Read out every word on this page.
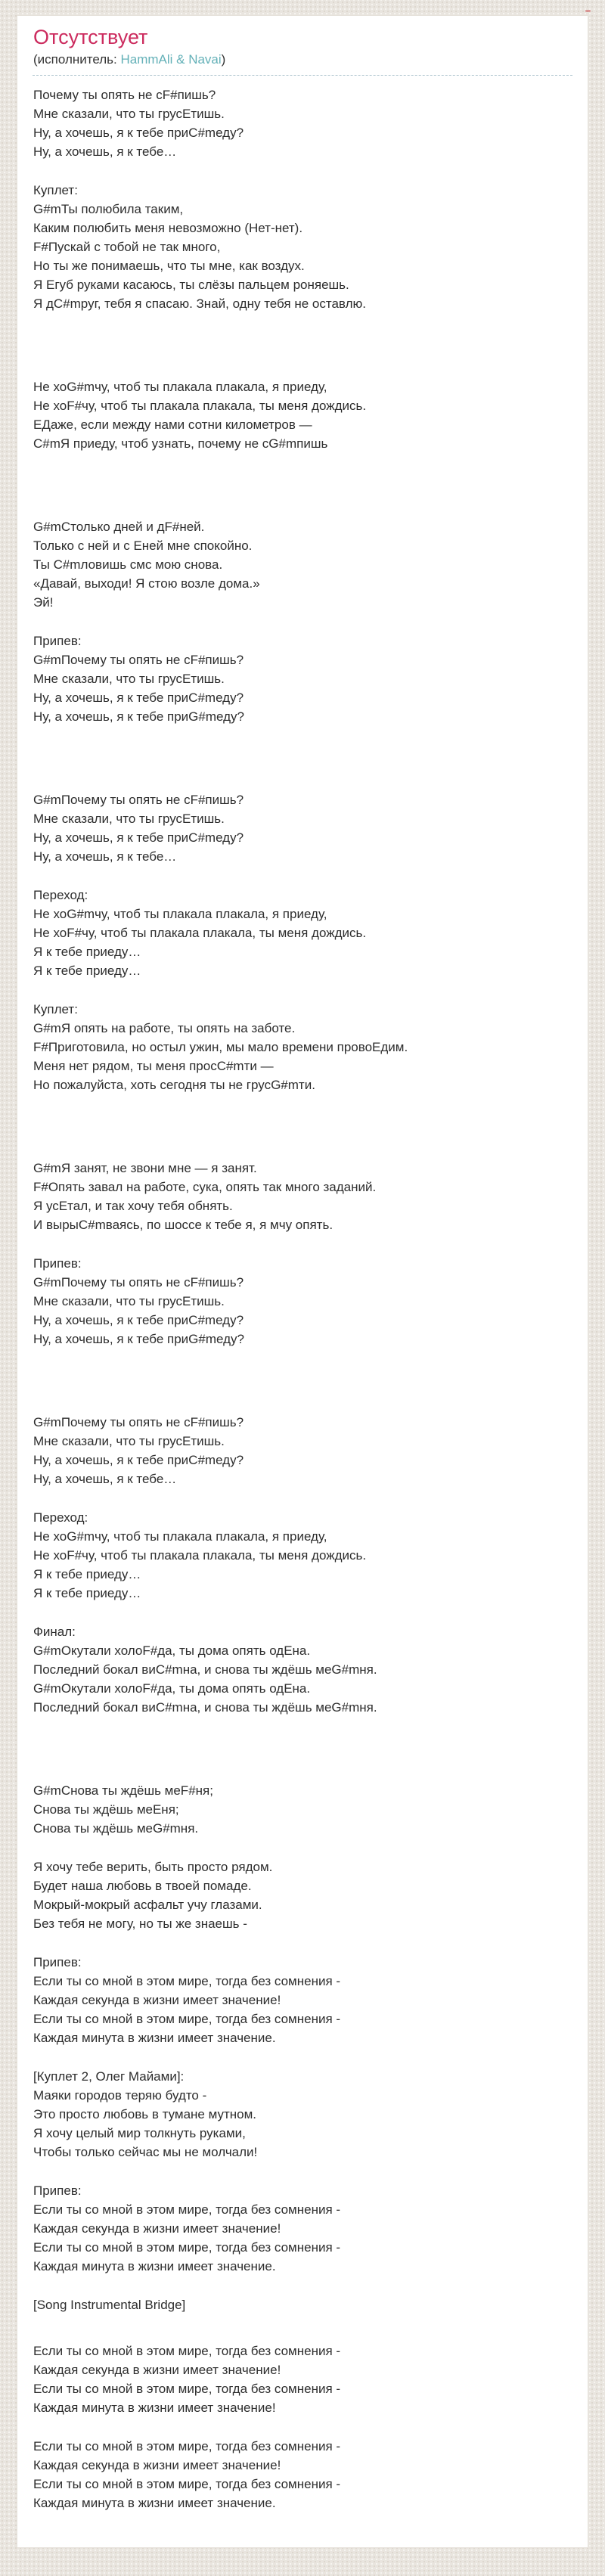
Отсутствует
(исполнитель: HammAli & Navai)
Почему ты опять не сF#пишь?
Мне сказали, что ты грусЕтишь.
Ну, а хочешь, я к тебе приС#mеду?
Ну, а хочешь, я к тебе…
Куплет:
G#mТы полюбила таким,
Каким полюбить меня невозможно (Нет-нет).
F#Пускай с тобой не так много,
Но ты же понимаешь, что ты мне, как воздух.
Я Егуб руками касаюсь, ты слёзы пальцем роняешь.
Я дС#mруг, тебя я спасаю. Знай, одну тебя не оставлю.
Не хоG#mчу, чтоб ты плакала плакала, я приеду,
Не хоF#чу, чтоб ты плакала плакала, ты меня дождись.
ЕДаже, если между нами сотни километров —
С#mЯ приеду, чтоб узнать, почему не сG#mпишь
G#mСтолько дней и дF#ней.
Только с ней и с Еней мне спокойно.
Ты С#mловишь смс мою снова.
«Давай, выходи! Я стою возле дома.»
Эй!
Припев:
G#mПочему ты опять не сF#пишь?
Мне сказали, что ты грусЕтишь.
Ну, а хочешь, я к тебе приС#mеду?
Ну, а хочешь, я к тебе приG#mеду?
G#mПочему ты опять не сF#пишь?
Мне сказали, что ты грусЕтишь.
Ну, а хочешь, я к тебе приС#mеду?
Ну, а хочешь, я к тебе…
Переход:
Не хоG#mчу, чтоб ты плакала плакала, я приеду,
Не хоF#чу, чтоб ты плакала плакала, ты меня дождись.
Я к тебе приеду…
Я к тебе приеду…
Куплет:
G#mЯ опять на работе, ты опять на заботе.
F#Приготовила, но остыл ужин, мы мало времени провоЕдим.
Меня нет рядом, ты меня просС#mти —
Но пожалуйста, хоть сегодня ты не грусG#mти.
G#mЯ занят, не звони мне — я занят.
F#Опять завал на работе, сука, опять так много заданий.
Я усЕтал, и так хочу тебя обнять.
И вырыС#mваясь, по шоссе к тебе я, я мчу опять.
Припев:
G#mПочему ты опять не сF#пишь?
Мне сказали, что ты грусЕтишь.
Ну, а хочешь, я к тебе приС#mеду?
Ну, а хочешь, я к тебе приG#mеду?
G#mПочему ты опять не сF#пишь?
Мне сказали, что ты грусЕтишь.
Ну, а хочешь, я к тебе приС#mеду?
Ну, а хочешь, я к тебе…
Переход:
Не хоG#mчу, чтоб ты плакала плакала, я приеду,
Не хоF#чу, чтоб ты плакала плакала, ты меня дождись.
Я к тебе приеду…
Я к тебе приеду…
Финал:
G#mОкутали холоF#да, ты дома опять одЕна.
Последний бокал виС#mна, и снова ты ждёшь меG#mня.
G#mОкутали холоF#да, ты дома опять одЕна.
Последний бокал виС#mна, и снова ты ждёшь меG#mня.
G#mСнова ты ждёшь меF#ня;
Снова ты ждёшь меЕня;
Снова ты ждёшь меG#mня.
Я хочу тебе верить, быть просто рядом.
Будет наша любовь в твоей помаде.
Мокрый-мокрый асфальт учу глазами.
Без тебя не могу, но ты же знаешь -
Припев:
Если ты со мной в этом мире, тогда без сомнения -
Каждая секунда в жизни имеет значение!
Если ты со мной в этом мире, тогда без сомнения -
Каждая минута в жизни имеет значение.
[Куплет 2, Олег Майами]:
Маяки городов теряю будто -
Это просто любовь в тумане мутном.
Я хочу целый мир толкнуть руками,
Чтобы только сейчас мы не молчали!
Припев:
Если ты со мной в этом мире, тогда без сомнения -
Каждая секунда в жизни имеет значение!
Если ты со мной в этом мире, тогда без сомнения -
Каждая минута в жизни имеет значение.
[Song Instrumental Bridge]
Если ты со мной в этом мире, тогда без сомнения -
Каждая секунда в жизни имеет значение!
Если ты со мной в этом мире, тогда без сомнения -
Каждая минута в жизни имеет значение!
Если ты со мной в этом мире, тогда без сомнения -
Каждая секунда в жизни имеет значение!
Если ты со мной в этом мире, тогда без сомнения -
Каждая минута в жизни имеет значение.
